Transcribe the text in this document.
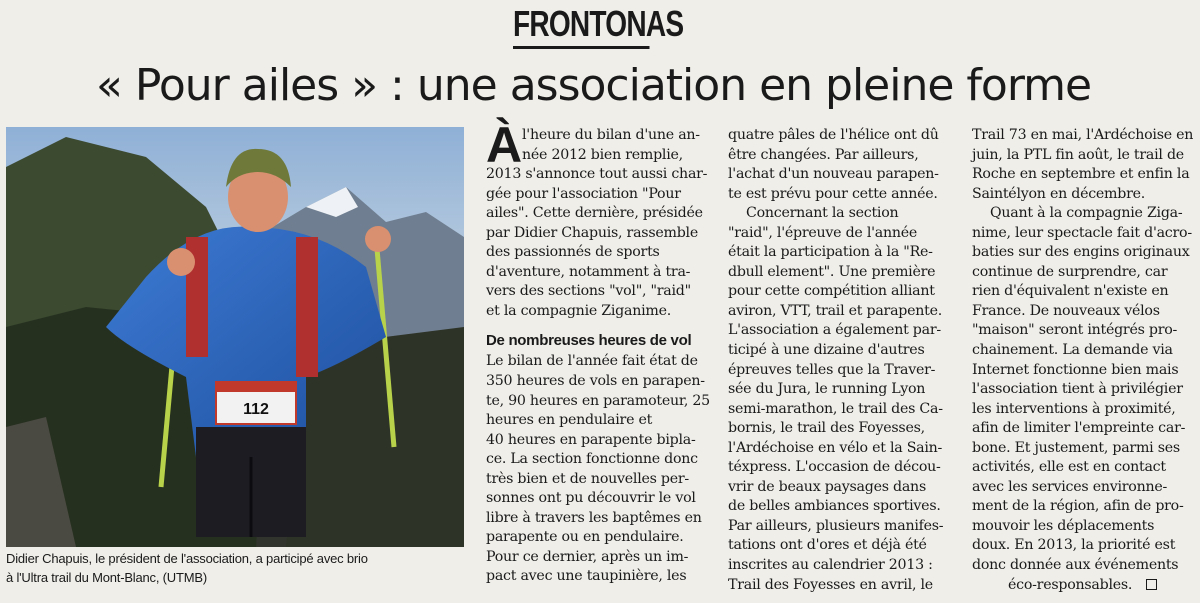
FRONTONAS
« Pour ailes » : une association en pleine forme
112
Didier Chapuis, le président de l'association, a participé avec brio
à l'Ultra trail du Mont-Blanc, (UTMB)
À l'heure du bilan d'une an-
née 2012 bien remplie,
2013 s'annonce tout aussi char-
gée pour l'association "Pour
ailes". Cette dernière, présidée
par Didier Chapuis, rassemble
des passionnés de sports
d'aventure, notamment à tra-
vers des sections "vol", "raid"
et la compagnie Ziganime.
De nombreuses heures de vol
Le bilan de l'année fait état de
350 heures de vols en parapen-
te, 90 heures en paramoteur, 25
heures en pendulaire et
40 heures en parapente bipla-
ce. La section fonctionne donc
très bien et de nouvelles per-
sonnes ont pu découvrir le vol
libre à travers les baptêmes en
parapente ou en pendulaire.
Pour ce dernier, après un im-
pact avec une taupinière, les
quatre pâles de l'hélice ont dû
être changées. Par ailleurs,
l'achat d'un nouveau parapen-
te est prévu pour cette année.
Concernant la section
"raid", l'épreuve de l'année
était la participation à la "Re-
dbull element". Une première
pour cette compétition alliant
aviron, VTT, trail et parapente.
L'association a également par-
ticipé à une dizaine d'autres
épreuves telles que la Traver-
sée du Jura, le running Lyon
semi-marathon, le trail des Ca-
bornis, le trail des Foyesses,
l'Ardéchoise en vélo et la Sain-
téxpress. L'occasion de décou-
vrir de beaux paysages dans
de belles ambiances sportives.
Par ailleurs, plusieurs manifes-
tations ont d'ores et déjà été
inscrites au calendrier 2013 :
Trail des Foyesses en avril, le
Trail 73 en mai, l'Ardéchoise en
juin, la PTL fin août, le trail de
Roche en septembre et enfin la
Saintélyon en décembre.
Quant à la compagnie Ziga-
nime, leur spectacle fait d'acro-
baties sur des engins originaux
continue de surprendre, car
rien d'équivalent n'existe en
France. De nouveaux vélos
"maison" seront intégrés pro-
chainement. La demande via
Internet fonctionne bien mais
l'association tient à privilégier
les interventions à proximité,
afin de limiter l'empreinte car-
bone. Et justement, parmi ses
activités, elle est en contact
avec les services environne-
ment de la région, afin de pro-
mouvoir les déplacements
doux. En 2013, la priorité est
donc donnée aux événements
éco-responsables.
